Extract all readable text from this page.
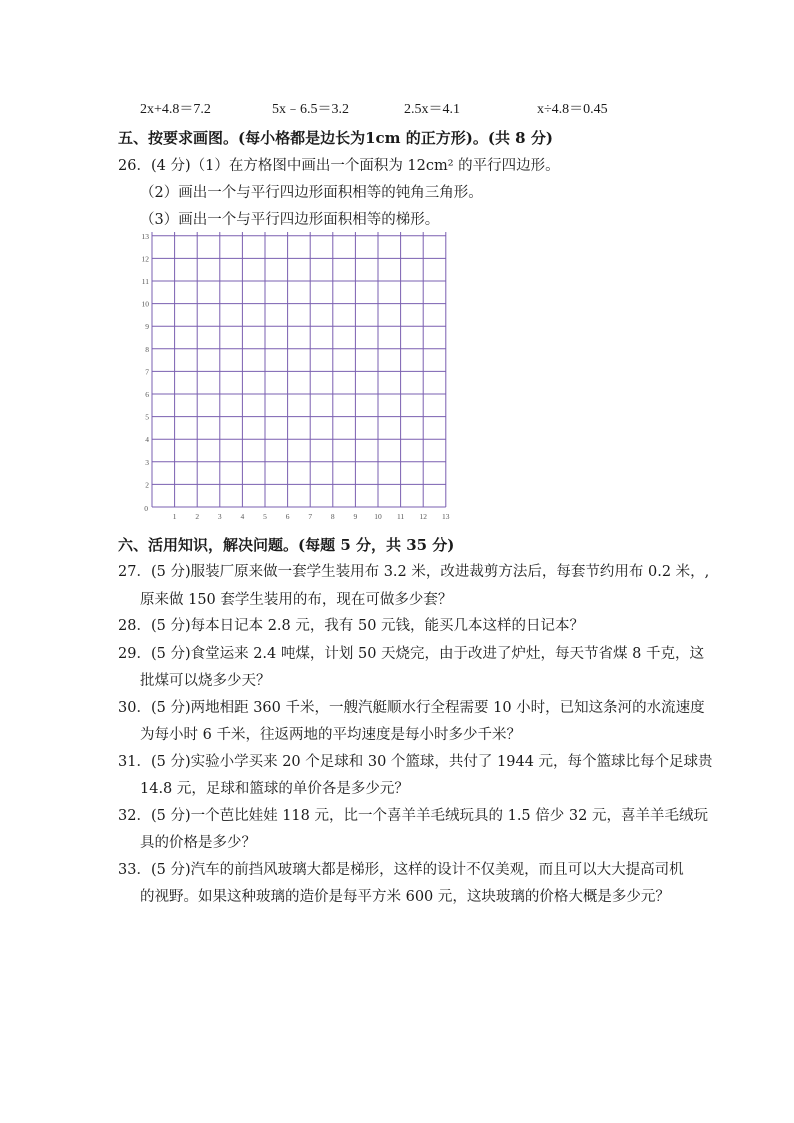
2x+4.8＝7.2	5x﹣6.5＝3.2	2.5x＝4.1	x÷4.8＝0.45
五、按要求画图。(每小格都是边长为1cm 的正方形)。(共 8 分)
26．(4 分)（1）在方格图中画出一个面积为 12cm² 的平行四边形。
（2）画出一个与平行四边形面积相等的钝角三角形。
（3）画出一个与平行四边形面积相等的梯形。
1	2	3	4	5	6	7	8	9 10 11 12 13
2
3
4
5
6
7
8
9
10
11
12
13
0
六、活用知识，解决问题。(每题 5 分，共 35 分)
27．(5 分)服装厂原来做一套学生装用布 3.2 米，改进裁剪方法后，每套节约用布 0.2 米，,
原来做 150 套学生装用的布，现在可做多少套？
28．(5 分)每本日记本 2.8 元，我有 50 元钱，能买几本这样的日记本？
29．(5 分)食堂运来 2.4 吨煤，计划 50 天烧完，由于改进了炉灶，每天节省煤 8 千克，这
批煤可以烧多少天？
30．(5 分)两地相距 360 千米，一艘汽艇顺水行全程需要 10 小时，已知这条河的水流速度
为每小时 6 千米，往返两地的平均速度是每小时多少千米？
31．(5 分)实验小学买来 20 个足球和 30 个篮球，共付了 1944 元，每个篮球比每个足球贵
14.8 元，足球和篮球的单价各是多少元？
32．(5 分)一个芭比娃娃 118 元，比一个喜羊羊毛绒玩具的 1.5 倍少 32 元，喜羊羊毛绒玩
具的价格是多少？
33．(5 分)汽车的前挡风玻璃大都是梯形，这样的设计不仅美观，而且可以大大提高司机
的视野。如果这种玻璃的造价是每平方米 600 元，这块玻璃的价格大概是多少元？
